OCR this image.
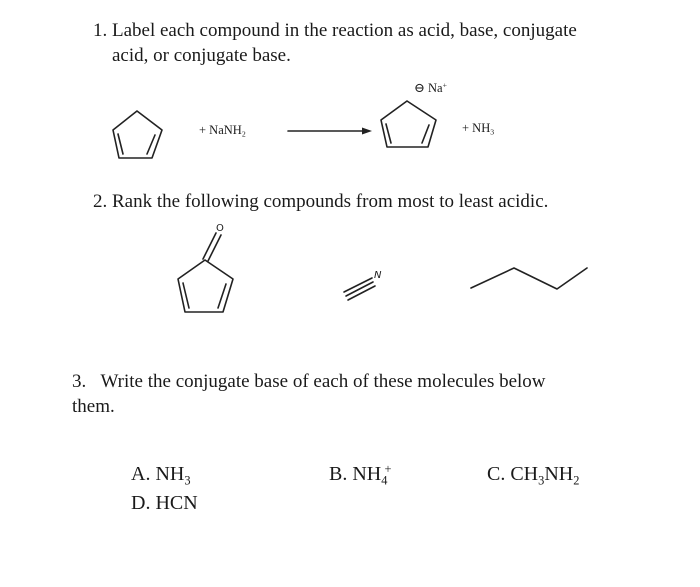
1. Label each compound in the reaction as acid, base, conjugate
acid, or conjugate base.
+ NaNH$_2$
⊖ Na+
+ $NH_3$
2. Rank the following compounds from most to least acidic.
O
N
3. Write the conjugate base of each of these molecules below
them.
A. $NH_3$	B. $NH_4^+$	C. $CH_3NH_2$
D. HCN
